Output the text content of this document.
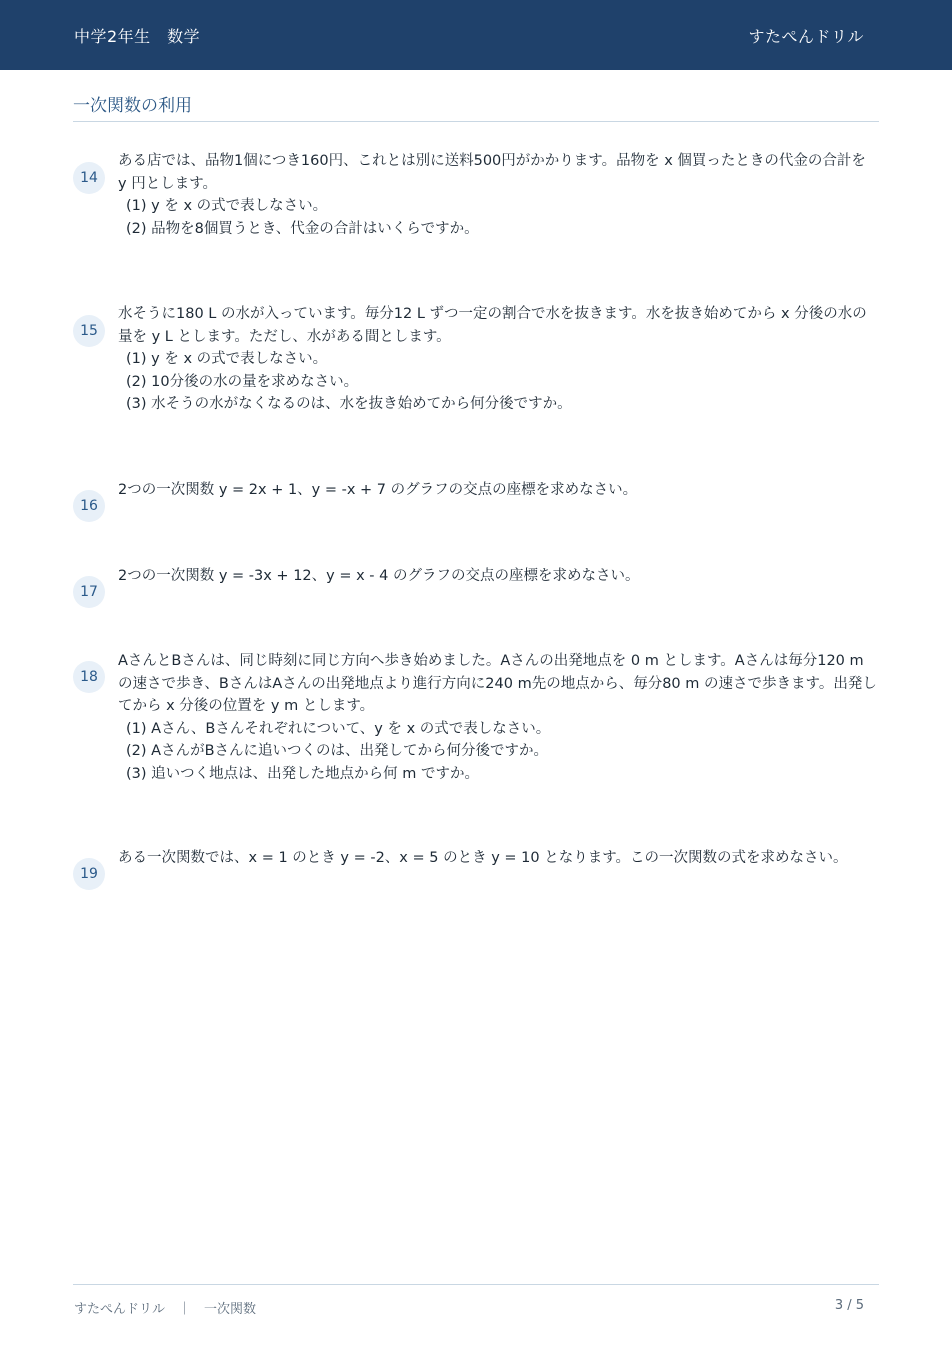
中学2年生　数学	すたぺんドリル
一次関数の利用
14

ある店では、品物1個につき160円、これとは別に送料500円がかかります。品物を x 個買ったときの代金の合計を y 円とします。

(1) y を x の式で表しなさい。

(2) 品物を8個買うとき、代金の合計はいくらですか。

15

水そうに180 L の水が入っています。毎分12 L ずつ一定の割合で水を抜きます。水を抜き始めてから x 分後の水の量を y L とします。ただし、水がある間とします。

(1) y を x の式で表しなさい。

(2) 10分後の水の量を求めなさい。

(3) 水そうの水がなくなるのは、水を抜き始めてから何分後ですか。

16

2つの一次関数 y = 2x + 1、y = -x + 7 のグラフの交点の座標を求めなさい。

17

2つの一次関数 y = -3x + 12、y = x - 4 のグラフの交点の座標を求めなさい。

18

AさんとBさんは、同じ時刻に同じ方向へ歩き始めました。Aさんの出発地点を 0 m とします。Aさんは毎分120 m の速さで歩き、BさんはAさんの出発地点より進行方向に240 m先の地点から、毎分80 m の速さで歩きます。出発してから x 分後の位置を y m とします。

(1) Aさん、Bさんそれぞれについて、y を x の式で表しなさい。

(2) AさんがBさんに追いつくのは、出発してから何分後ですか。

(3) 追いつく地点は、出発した地点から何 m ですか。

19

ある一次関数では、x = 1 のとき y = -2、x = 5 のとき y = 10 となります。この一次関数の式を求めなさい。

すたぺんドリル　｜　一次関数	3 / 5
